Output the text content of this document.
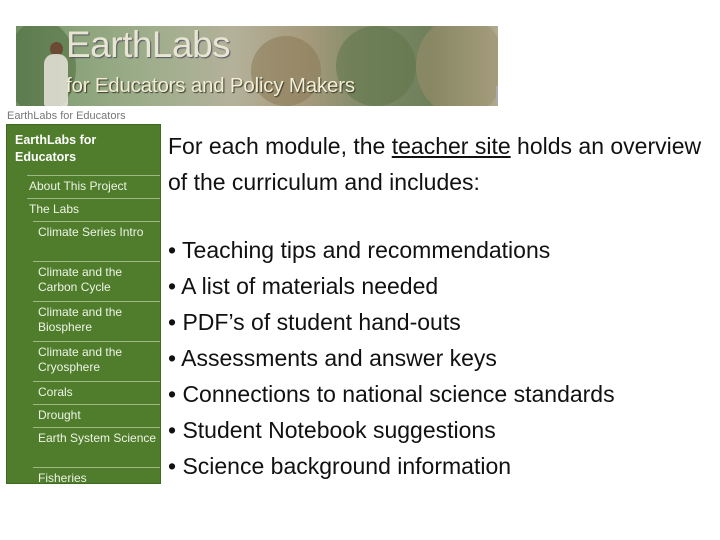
EarthLabs
for Educators and Policy Makers
EarthLabs for Educators
EarthLabs for Educators
About This Project
The Labs
Climate Series Intro
Climate and the Carbon Cycle
Climate and the Biosphere
Climate and the Cryosphere
Corals
Drought
Earth System Science
Fisheries
For each module, the teacher site holds an overview of the curriculum and includes:
• Teaching tips and recommendations
• A list of materials needed
• PDF’s of student hand-outs
• Assessments and answer keys
• Connections to national science standards
• Student Notebook suggestions
• Science background information
